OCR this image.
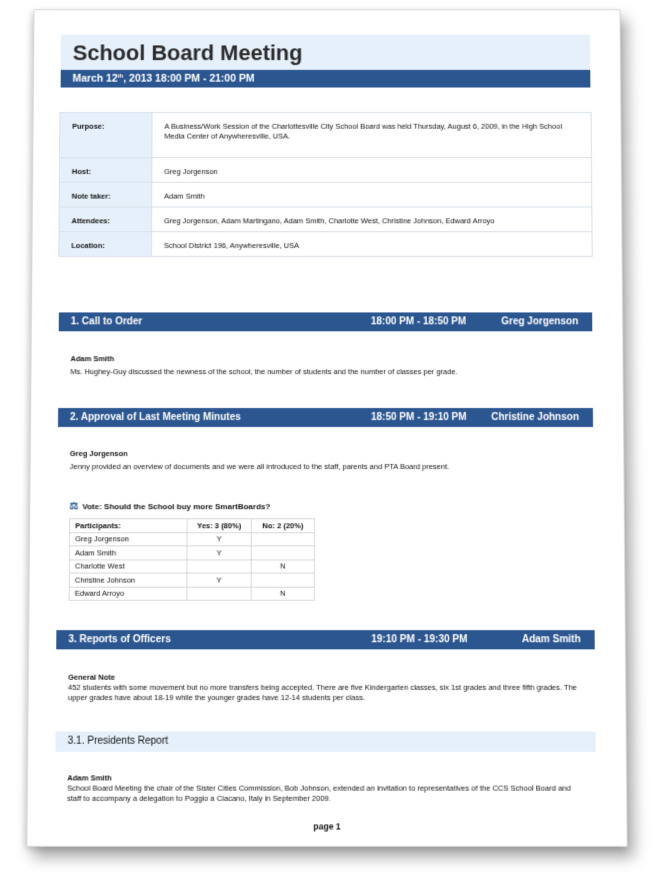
School Board Meeting
March 12th, 2013 18:00 PM - 21:00 PM
Purpose:	A Business/Work Session of the Charlottesville City School Board was held Thursday, August 6, 2009, in the High School Media Center of Anywheresville, USA.
Host:	Greg Jorgenson
Note taker:	Adam Smith
Attendees:	Greg Jorgenson, Adam Martingano, Adam Smith, Charlotte West, Christine Johnson, Edward Arroyo
Location:	School District 196, Anywheresville, USA
1. Call to Order	18:00 PM - 18:50 PM	Greg Jorgenson
Adam Smith
Ms. Hughey-Guy discussed the newness of the school, the number of students and the number of classes per grade.
2. Approval of Last Meeting Minutes	18:50 PM - 19:10 PM Christine Johnson
Greg Jorgenson
Jenny provided an overview of documents and we were all introduced to the staff, parents and PTA Board present.
⚖ Vote: Should the School buy more SmartBoards?
Participants:	Yes: 3 (80%)	No: 2 (20%)
Greg Jorgenson	Y	
Adam Smith	Y	
Charlotte West		N
Christine Johnson	Y	
Edward Arroyo		N
3. Reports of Officers	19:10 PM - 19:30 PM	Adam Smith
General Note
452 students with some movement but no more transfers being accepted. There are five Kindergarten classes, six 1st grades and three fifth grades. The upper grades have about 18-19 while the younger grades have 12-14 students per class.
3.1. Presidents Report
Adam Smith
School Board Meeting the chair of the Sister Cities Commission, Bob Johnson, extended an invitation to representatives of the CCS School Board and staff to accompany a delegation to Poggio a Ciacano, Italy in September 2009.
page 1
